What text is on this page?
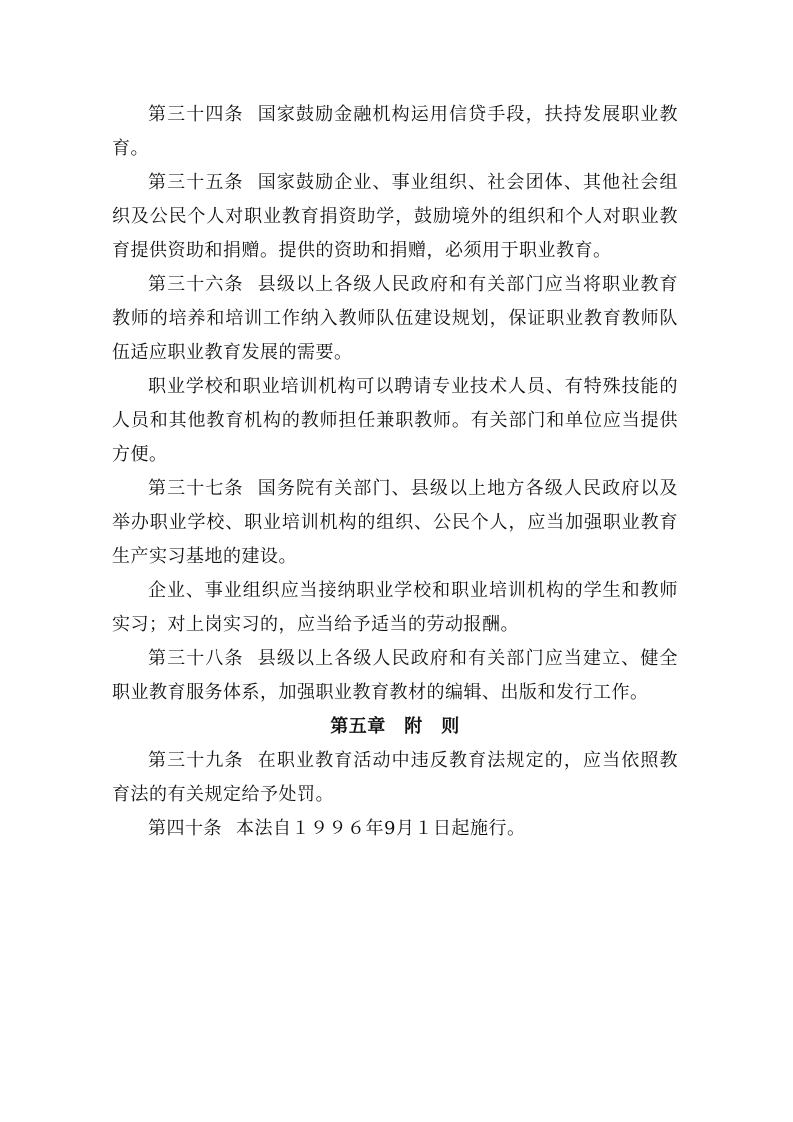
第三十四条 国家鼓励金融机构运用信贷手段，扶持发展职业教育。

第三十五条 国家鼓励企业、事业组织、社会团体、其他社会组织及公民个人对职业教育捐资助学，鼓励境外的组织和个人对职业教育提供资助和捐赠。提供的资助和捐赠，必须用于职业教育。

第三十六条 县级以上各级人民政府和有关部门应当将职业教育教师的培养和培训工作纳入教师队伍建设规划，保证职业教育教师队伍适应职业教育发展的需要。

职业学校和职业培训机构可以聘请专业技术人员、有特殊技能的人员和其他教育机构的教师担任兼职教师。有关部门和单位应当提供方便。

第三十七条 国务院有关部门、县级以上地方各级人民政府以及举办职业学校、职业培训机构的组织、公民个人，应当加强职业教育生产实习基地的建设。

企业、事业组织应当接纳职业学校和职业培训机构的学生和教师实习；对上岗实习的，应当给予适当的劳动报酬。

第三十八条 县级以上各级人民政府和有关部门应当建立、健全职业教育服务体系，加强职业教育教材的编辑、出版和发行工作。

第五章　附　则

第三十九条 在职业教育活动中违反教育法规定的，应当依照教育法的有关规定给予处罚。

第四十条 本法自１９９６年9月１日起施行。
